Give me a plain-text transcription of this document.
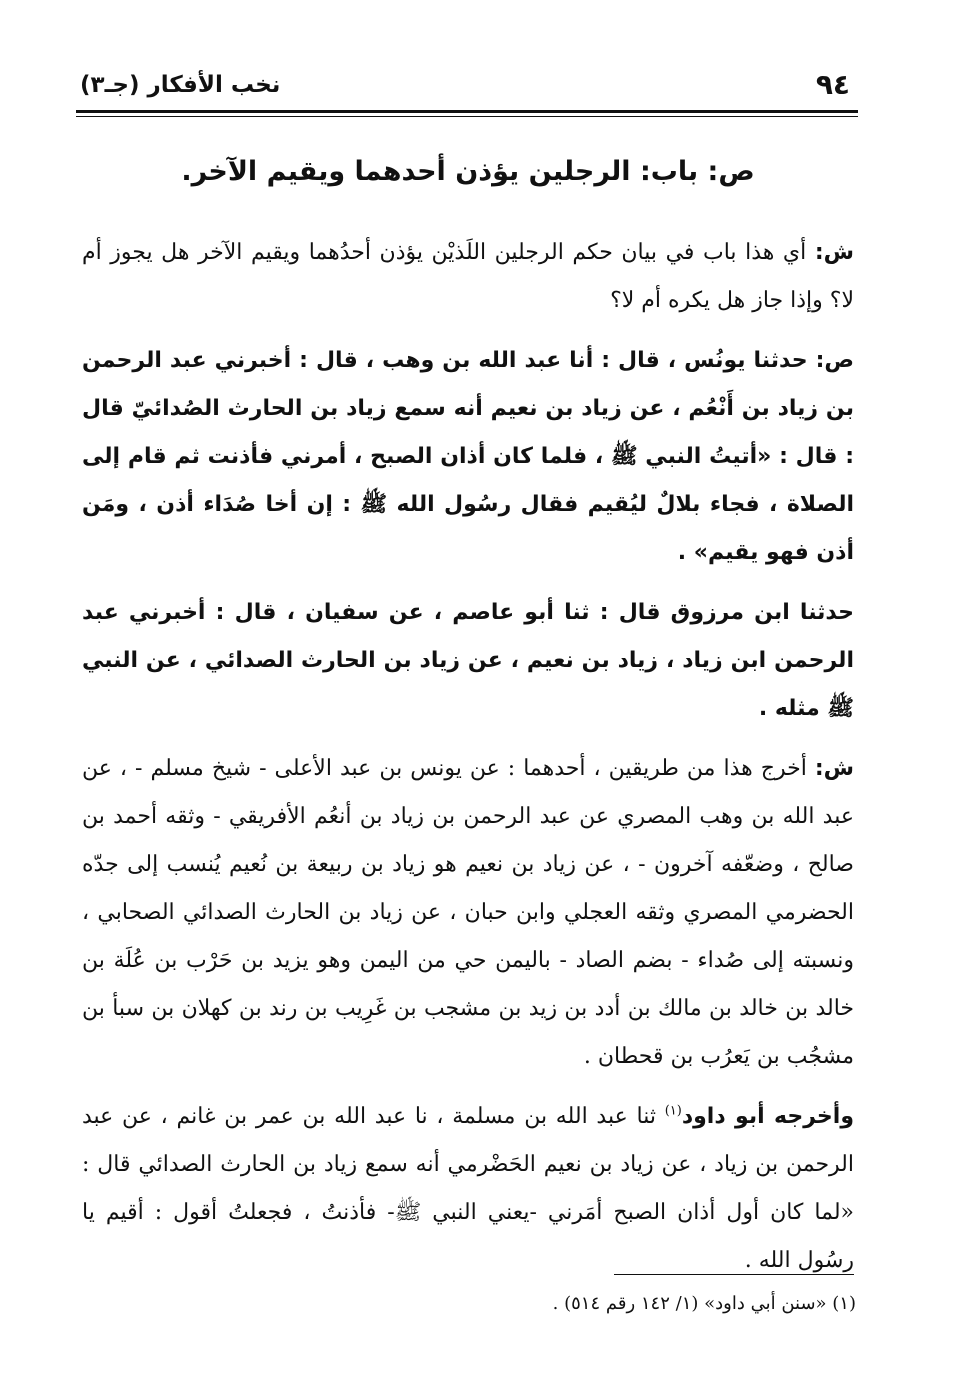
٩٤
نخب الأفكار (جـ٣)
ص: باب: الرجلين يؤذن أحدهما ويقيم الآخر.

ش: أي هذا باب في بيان حكم الرجلين اللَذيْن يؤذن أحدُهما ويقيم الآخر هل يجوز أم لا؟ وإذا جاز هل يكره أم لا؟

ص: حدثنا يونُس ، قال : أنا عبد الله بن وهب ، قال : أخبرني عبد الرحمن بن زياد بن أَنْعُم ، عن زياد بن نعيم أنه سمع زياد بن الحارث الصُدائيّ قال : قال : «أتيتُ النبي ﷺ ، فلما كان أذان الصبح ، أمرني فأذنت ثم قام إلى الصلاة ، فجاء بلالٌ ليُقيم فقال رسُول الله ﷺ : إن أخا صُدَاء أذن ، ومَن أذن فهو يقيم» .

حدثنا ابن مرزوق قال : ثنا أبو عاصم ، عن سفيان ، قال : أخبرني عبد الرحمن ابن زياد ، زياد بن نعيم ، عن زياد بن الحارث الصدائي ، عن النبي ﷺ مثله .

ش: أخرج هذا من طريقين ، أحدهما : عن يونس بن عبد الأعلى - شيخ مسلم - ، عن عبد الله بن وهب المصري عن عبد الرحمن بن زياد بن أنعُم الأفريقي - وثقه أحمد بن صالح ، وضعّفه آخرون - ، عن زياد بن نعيم هو زياد بن ربيعة بن نُعيم يُنسب إلى جدّه الحضرمي المصري وثقه العجلي وابن حبان ، عن زياد بن الحارث الصدائي الصحابي ، ونسبته إلى صُداء - بضم الصاد - باليمن حي من اليمن وهو يزيد بن حَرْب بن عُلَة بن خالد بن خالد بن مالك بن أدد بن زيد بن مشجب بن غَرِيب بن رند بن كهلان بن سبأ بن مشجُب بن يَعرُب بن قحطان .

وأخرجه أبو داود$^{(١)}$ ثنا عبد الله بن مسلمة ، نا عبد الله بن عمر بن غانم ، عن عبد الرحمن بن زياد ، عن زياد بن نعيم الحَضْرمي أنه سمع زياد بن الحارث الصدائي قال : «لما كان أول أذان الصبح أمَرني -يعني النبي ﷺ- فأذنتُ ، فجعلتُ أقول : أقيم يا رسُول الله .

(١) «سنن أبي داود» (١/ ١٤٢ رقم ٥١٤) .
